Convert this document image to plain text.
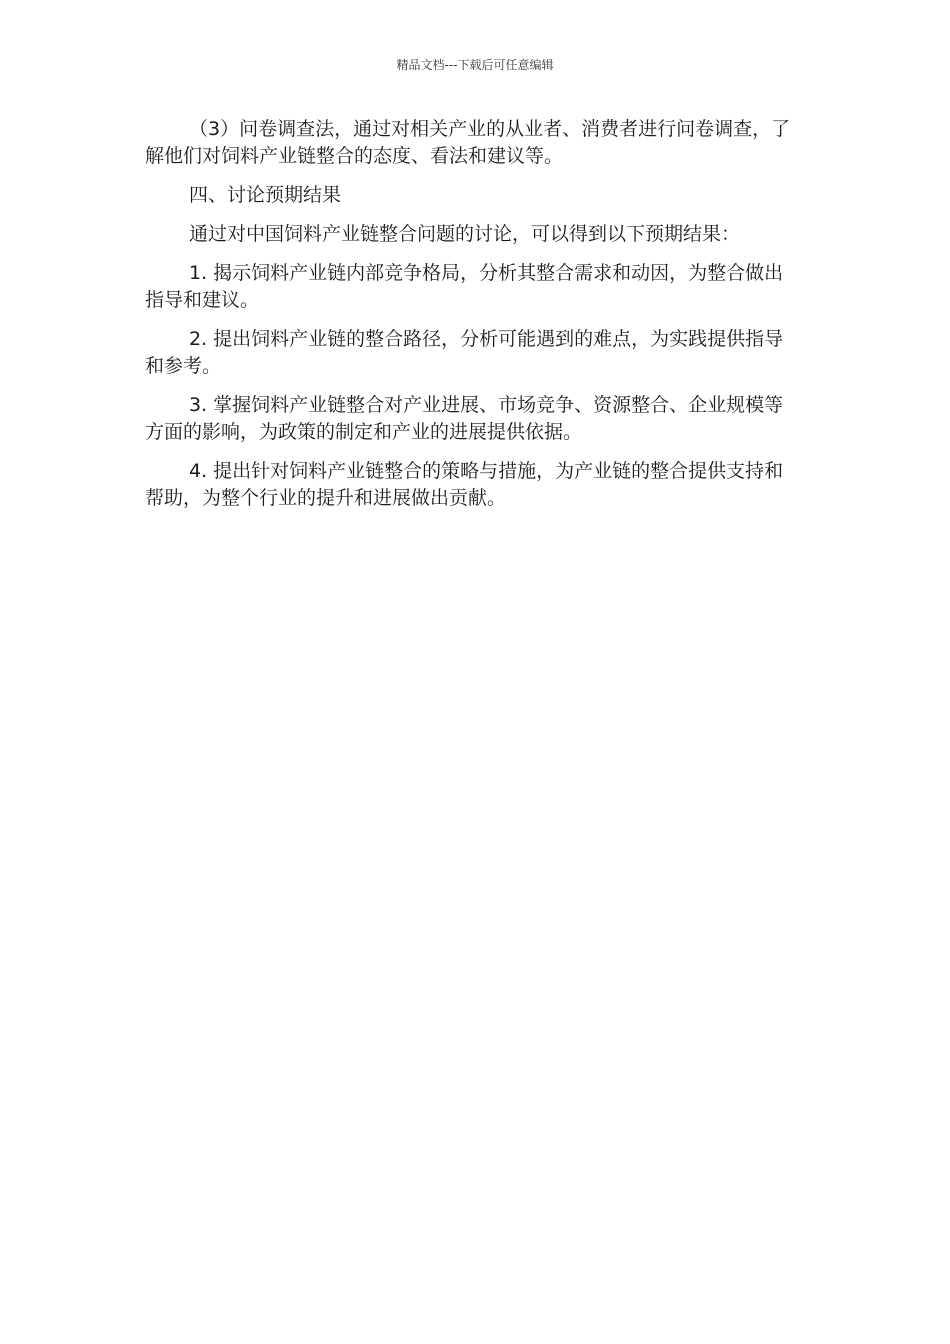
精品文档---下载后可任意编辑

（3）问卷调查法，通过对相关产业的从业者、消费者进行问卷调查，了解他们对饲料产业链整合的态度、看法和建议等。

四、讨论预期结果

通过对中国饲料产业链整合问题的讨论，可以得到以下预期结果：

1. 揭示饲料产业链内部竞争格局，分析其整合需求和动因，为整合做出指导和建议。

2. 提出饲料产业链的整合路径，分析可能遇到的难点，为实践提供指导和参考。

3. 掌握饲料产业链整合对产业进展、市场竞争、资源整合、企业规模等方面的影响，为政策的制定和产业的进展提供依据。

4. 提出针对饲料产业链整合的策略与措施，为产业链的整合提供支持和帮助，为整个行业的提升和进展做出贡献。
